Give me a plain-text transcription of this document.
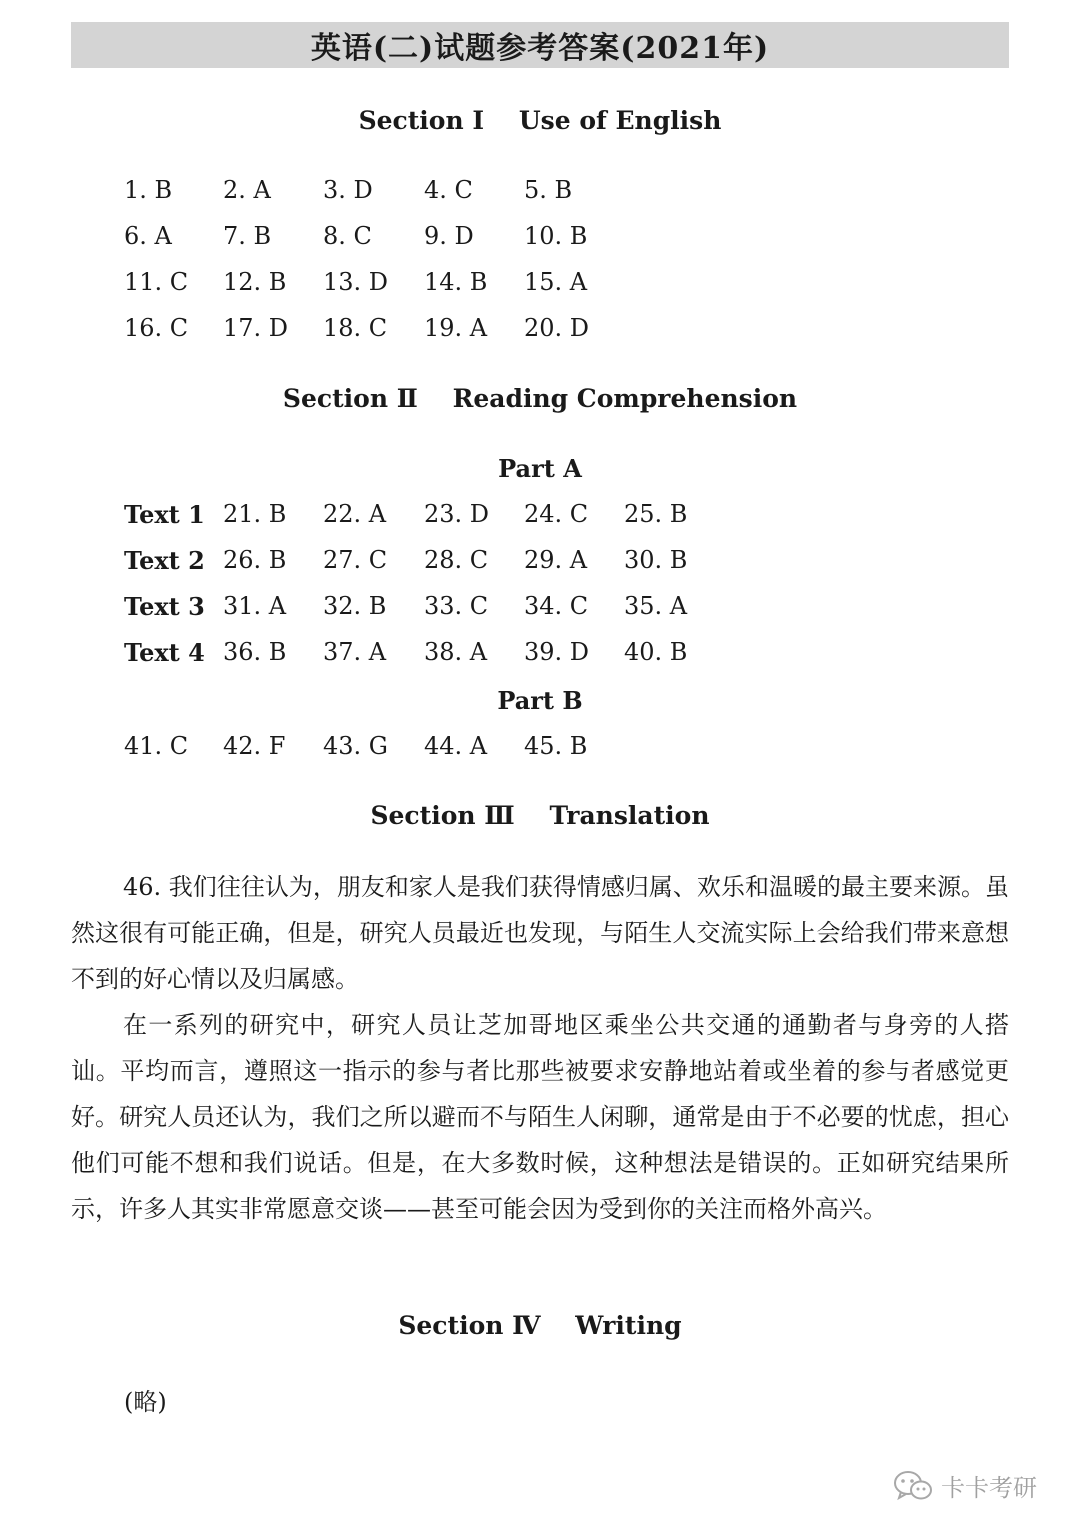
英语(二)试题参考答案(2021年)
Section Ⅰ    Use of English
1. B 2. A 3. D 4. C 5. B
6. A 7. B 8. C 9. D 10. B
11. C 12. B 13. D 14. B 15. A
16. C 17. D 18. C 19. A 20. D
Section Ⅱ    Reading Comprehension
Part A
Text 1 21. B 22. A 23. D 24. C 25. B
Text 2 26. B 27. C 28. C 29. A 30. B
Text 3 31. A 32. B 33. C 34. C 35. A
Text 4 36. B 37. A 38. A 39. D 40. B
Part B
41. C 42. F 43. G 44. A 45. B
Section Ⅲ    Translation

46. 我们往往认为，朋友和家人是我们获得情感归属、欢乐和温暖的最主要来源。虽然这很有可能正确，但是，研究人员最近也发现，与陌生人交流实际上会给我们带来意想不到的好心情以及归属感。

在一系列的研究中，研究人员让芝加哥地区乘坐公共交通的通勤者与身旁的人搭讪。平均而言，遵照这一指示的参与者比那些被要求安静地站着或坐着的参与者感觉更好。研究人员还认为，我们之所以避而不与陌生人闲聊，通常是由于不必要的忧虑，担心他们可能不想和我们说话。但是，在大多数时候，这种想法是错误的。正如研究结果所示，许多人其实非常愿意交谈——甚至可能会因为受到你的关注而格外高兴。

Section Ⅳ    Writing
(略)
卡卡考研
